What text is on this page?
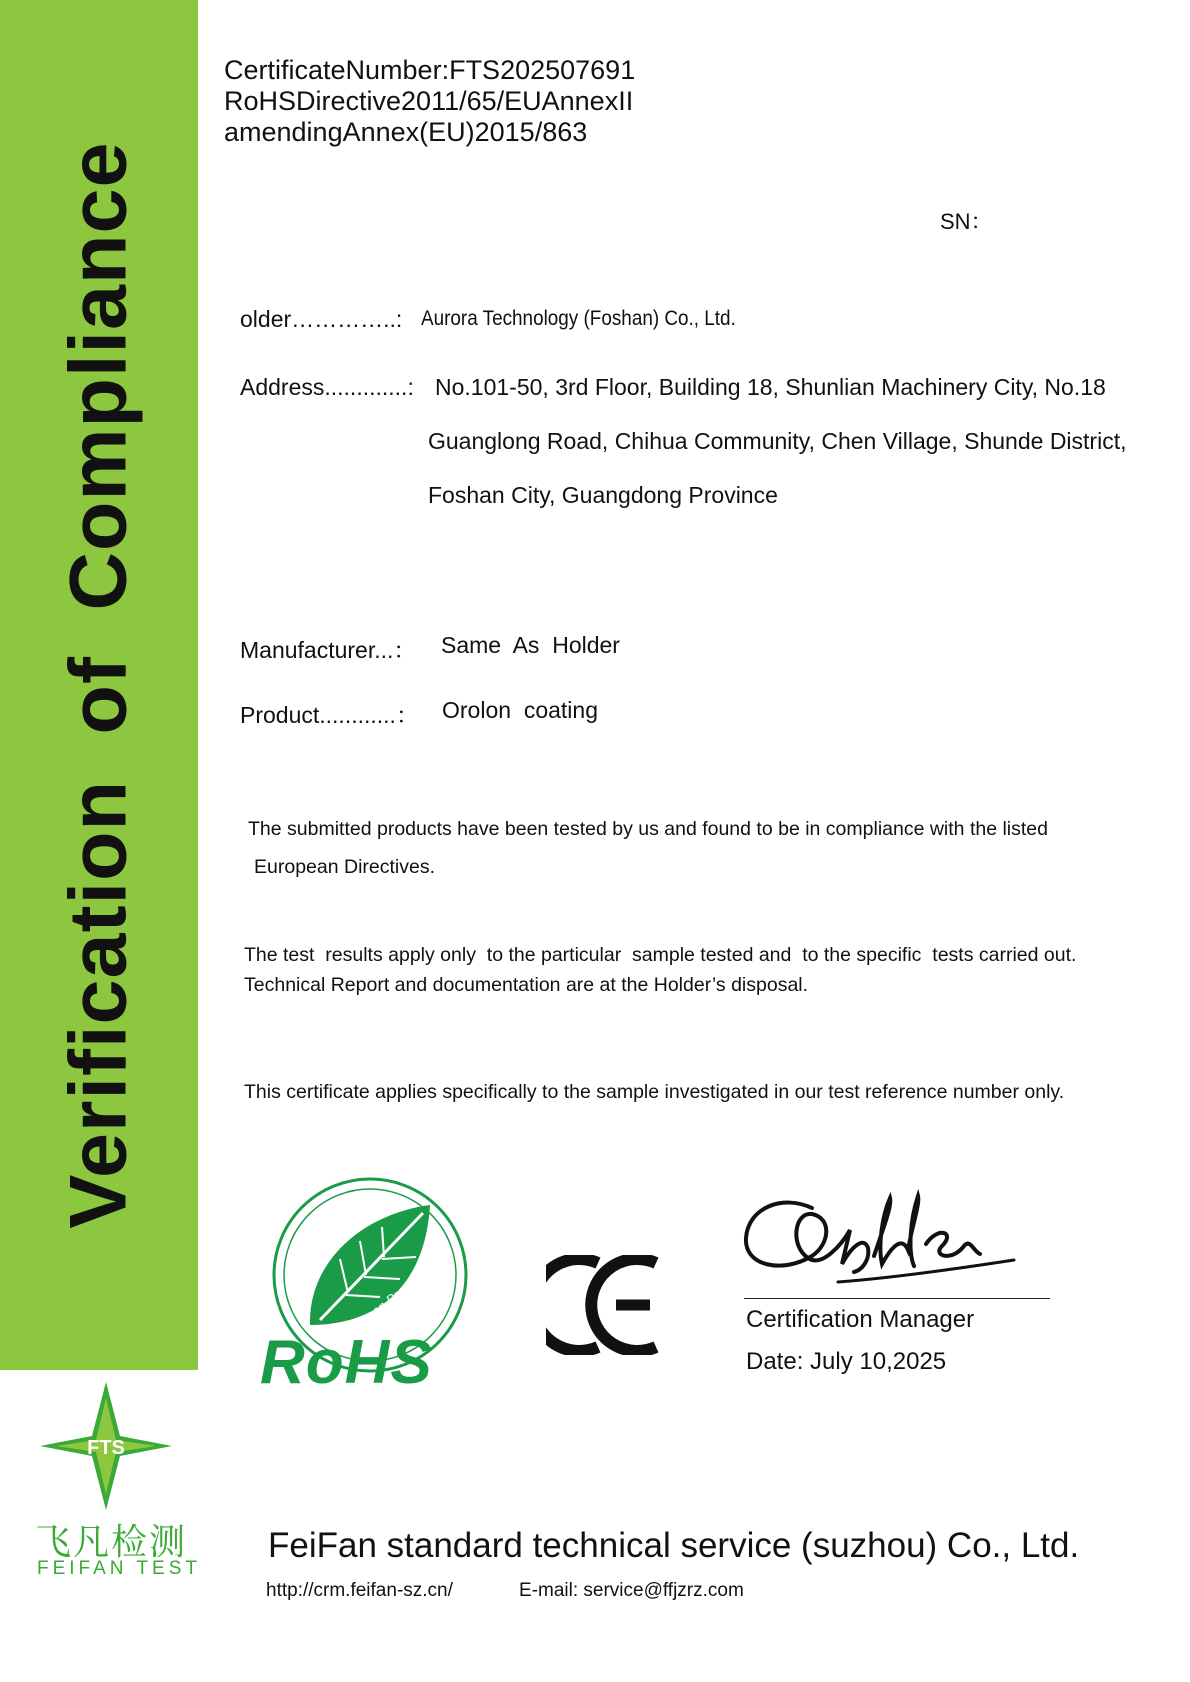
Verification of Compliance
CertificateNumber:FTS202507691
RoHSDirective2011/65/EUAnnexII
amendingAnnex(EU)2015/863
SN：
older…………..: Aurora Technology (Foshan) Co., Ltd.
Address.............: No.101-50, 3rd Floor, Building 18, Shunlian Machinery City, No.18
Guanglong Road, Chihua Community, Chen Village, Shunde District,
Foshan City, Guangdong Province
Manufacturer...： Same  As  Holder
Product............： Orolon  coating
The submitted products have been tested by us and found to be in compliance with the listed
European Directives.
The test  results apply only  to the particular  sample tested and  to the specific  tests carried out.
Technical Report and documentation are at the Holder’s disposal.
This certificate applies specifically to the sample investigated in our test reference number only.
Green Product
RoHS
Certification Manager
Date: July 10,2025
FTS
飞凡检测
FEIFAN TEST
FeiFan standard technical service (suzhou) Co., Ltd.
http://crm.feifan-sz.cn/	E-mail: service@ffjzrz.com
